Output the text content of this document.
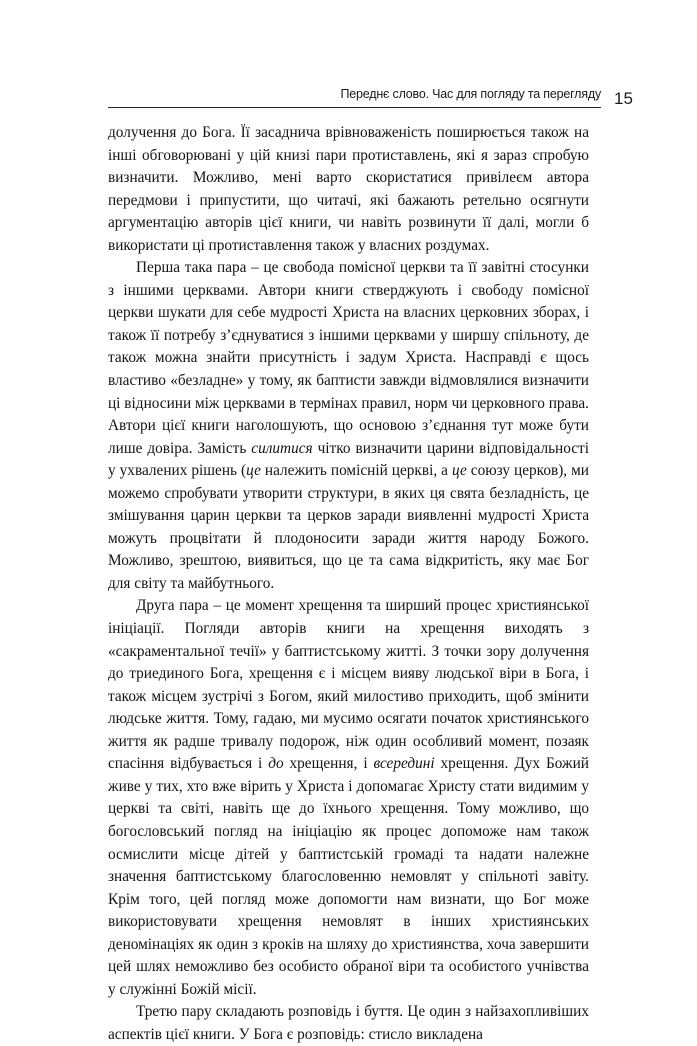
Переднє слово. Час для погляду та перегляду 15

долучення до Бога. Її засаднича врівноваженість поширюється також на інші обговорювані у цій книзі пари протиставлень, які я зараз спробую визначити. Можливо, мені варто скористатися привілеєм автора передмови і припустити, що читачі, які бажають ретельно осягнути аргументацію авторів цієї книги, чи навіть розвинути її далі, могли б використати ці протиставлення також у власних роздумах.

Перша така пара – це свобода помісної церкви та її завітні стосунки з іншими церквами. Автори книги стверджують і свободу помісної церкви шукати для себе мудрості Христа на власних церковних зборах, і також її потребу з’єднуватися з іншими церквами у ширшу спільноту, де також можна знайти присутність і задум Христа. Насправді є щось властиво «безладне» у тому, як баптисти завжди відмовлялися визначити ці відносини між церквами в термінах правил, норм чи церковного права. Автори цієї книги наголошують, що основою з’єднання тут може бути лише довіра. Замість силитися чітко визначити царини відповідальності у ухвалених рішень (це належить помісній церкві, а це союзу церков), ми можемо спробувати утворити структури, в яких ця свята безладність, це змішування царин церкви та церков заради виявленні мудрості Христа можуть процвітати й плодоносити заради життя народу Божого. Можливо, зрештою, виявиться, що це та сама відкритість, яку має Бог для світу та майбутнього.

Друга пара – це момент хрещення та ширший процес християнської ініціації. Погляди авторів книги на хрещення виходять з «сакраментальної течії» у баптистському житті. З точки зору долучення до триединого Бога, хрещення є і місцем вияву людської віри в Бога, і також місцем зустрічі з Богом, який милостиво приходить, щоб змінити людське життя. Тому, гадаю, ми мусимо осягати початок християнського життя як радше тривалу подорож, ніж один особливий момент, позаяк спасіння відбувається і до хрещення, і всередині хрещення. Дух Божий живе у тих, хто вже вірить у Христа і допомагає Христу стати видимим у церкві та світі, навіть ще до їхнього хрещення. Тому можливо, що богословський погляд на ініціацію як процес допоможе нам також осмислити місце дітей у баптистській громаді та надати належне значення баптистському благословенню немовлят у спільноті завіту. Крім того, цей погляд може допомогти нам визнати, що Бог може використовувати хрещення немовлят в інших християнських деномінаціях як один з кроків на шляху до християнства, хоча завершити цей шлях неможливо без особисто обраної віри та особистого учнівства у служінні Божій місії.

Третю пару складають розповідь і буття. Це один з найзахопливіших аспектів цієї книги. У Бога є розповідь: стисло викладена
